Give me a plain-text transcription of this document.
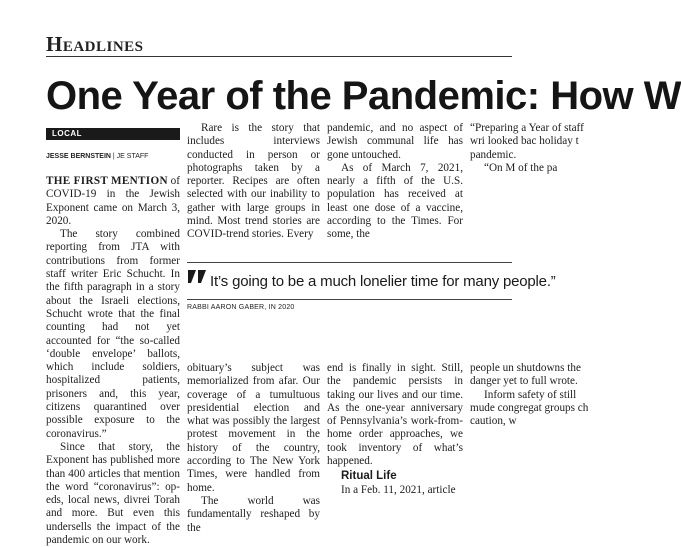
Headlines
One Year of the Pandemic: How W
LOCAL
JESSE BERNSTEIN | JE STAFF

THE FIRST MENTION of COVID-19 in the Jewish Exponent came on March 3, 2020.

The story combined reporting from JTA with contributions from former staff writer Eric Schucht. In the fifth paragraph in a story about the Israeli elections, Schucht wrote that the final counting had not yet accounted for “the so-called ‘double envelope’ ballots, which include soldiers, hospitalized patients, prisoners and, this year, citizens quarantined over possible exposure to the coronavirus.”

Since that story, the Exponent has published more than 400 articles that mention the word “coronavirus”: op-eds, local news, divrei Torah and more. But even this undersells the impact of the pandemic on our work.

Rare is the story that includes interviews conducted in person or photographs taken by a reporter. Recipes are often selected with our inability to gather with large groups in mind. Most trend stories are COVID-trend stories. Every

pandemic, and no aspect of Jewish communal life has gone untouched.

As of March 7, 2021, nearly a fifth of the U.S. population has received at least one dose of a vaccine, according to the Times. For some, the

“Preparing a Year of staff wri looked bac holiday t pandemic.

“On M of the pa

It’s going to be a much lonelier time for many people.”
RABBI AARON GABER, IN 2020

obituary’s subject was memorialized from afar. Our coverage of a tumultuous presidential election and what was possibly the largest protest movement in the history of the country, according to The New York Times, were handled from home.

The world was fundamentally reshaped by the

end is finally in sight. Still, the pandemic persists in taking our lives and our time. As the one-year anniversary of Pennsylvania’s work-from-home order approaches, we took inventory of what’s happened.

Ritual Life

In a Feb. 11, 2021, article

people un shutdowns the danger yet to full wrote.

Inform safety of still mude congregat groups ch caution, w
